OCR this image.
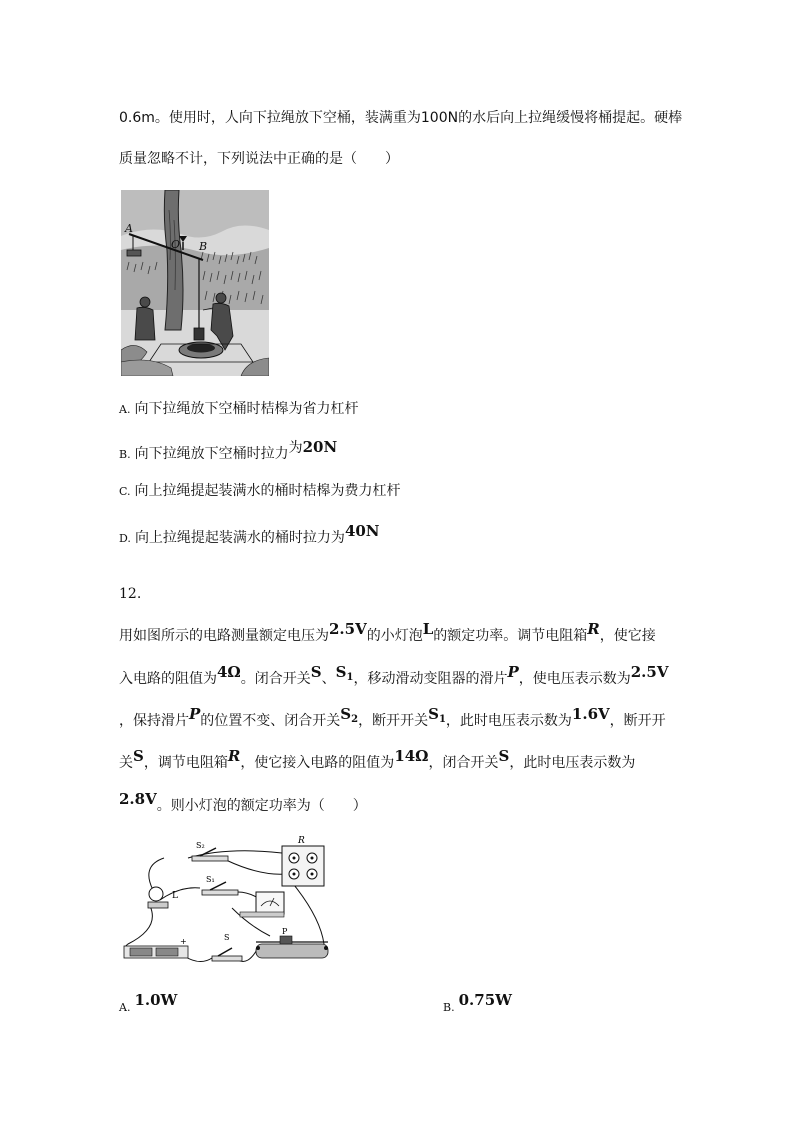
0.6m。使用时，人向下拉绳放下空桶，装满重为100N的水后向上拉绳缓慢将桶提起。硬棒
质量忽略不计，下列说法中正确的是（　　）
A
O B
A. 向下拉绳放下空桶时桔槔为省力杠杆
B. 向下拉绳放下空桶时拉力为20N
C. 向上拉绳提起装满水的桶时桔槔为费力杠杆
D. 向上拉绳提起装满水的桶时拉力为40N
12.
用如图所示的电路测量额定电压为2.5V的小灯泡L的额定功率。调节电阻箱R，使它接
入电路的阻值为4Ω。闭合开关S、$S_1$，移动滑动变阻器的滑片P，使电压表示数为2.5V
，保持滑片P的位置不变、闭合开关$S_2$，断开开关$S_1$，此时电压表示数为1.6V，断开开
关S，调节电阻箱R，使它接入电路的阻值为14Ω，闭合开关S，此时电压表示数为
2.8V。则小灯泡的额定功率为（　　）
R
S₂
S₁
L
+	S
P
A. 1.0W	B. 0.75W
